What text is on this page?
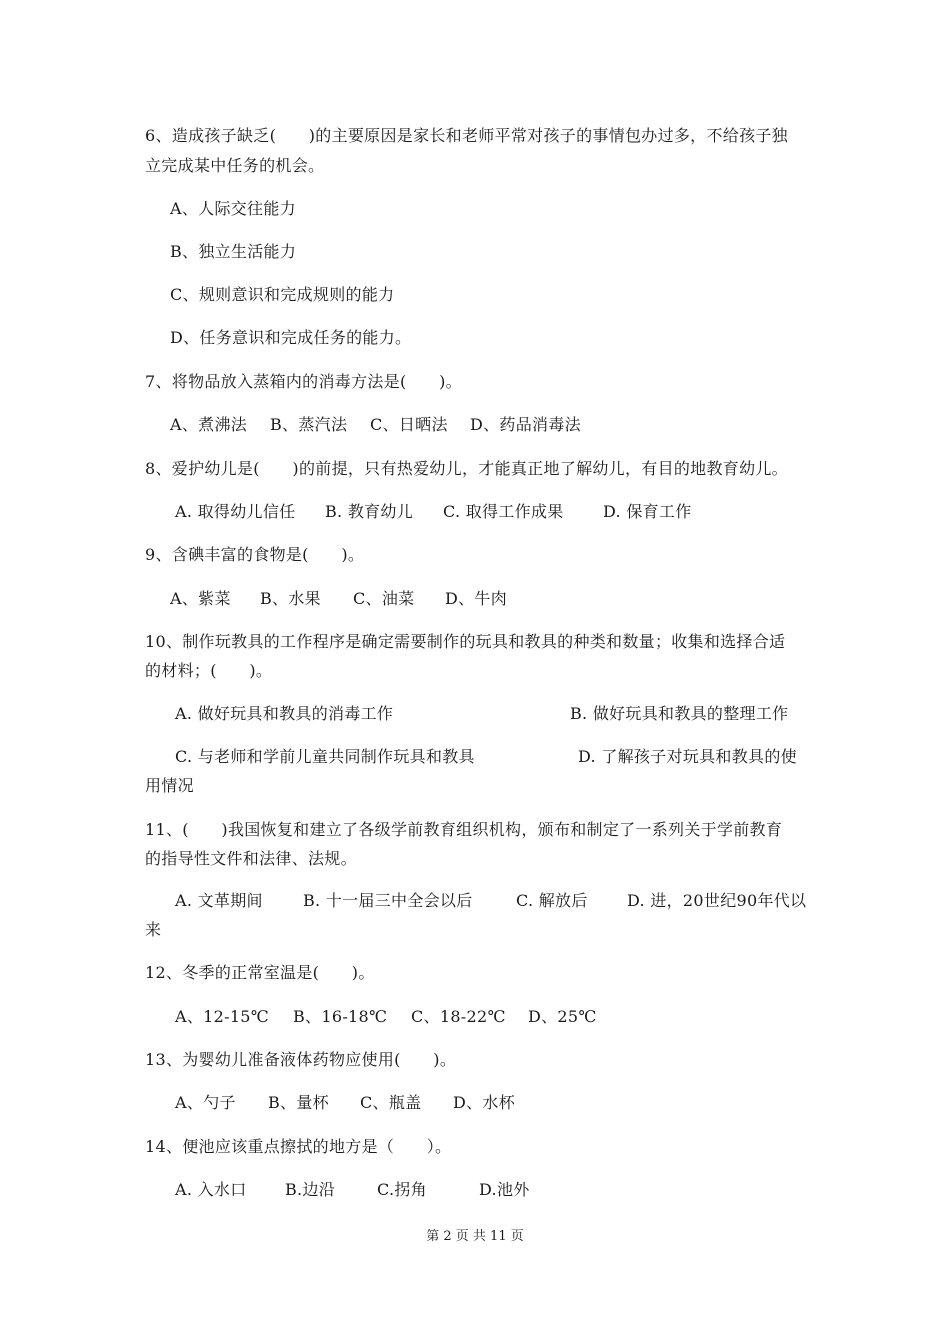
6、造成孩子缺乏(　　)的主要原因是家长和老师平常对孩子的事情包办过多，不给孩子独
立完成某中任务的机会。
A、人际交往能力
B、独立生活能力
C、规则意识和完成规则的能力
D、任务意识和完成任务的能力。
7、将物品放入蒸箱内的消毒方法是(　　)。
A、煮沸法 B、蒸汽法 C、日晒法 D、药品消毒法
8、爱护幼儿是(　　)的前提，只有热爱幼儿，才能真正地了解幼儿，有目的地教育幼儿。
A. 取得幼儿信任 B. 教育幼儿 C. 取得工作成果 D. 保育工作
9、含碘丰富的食物是(　　)。
A、紫菜 B、水果 C、油菜 D、牛肉
10、制作玩教具的工作程序是确定需要制作的玩具和教具的种类和数量；收集和选择合适
的材料；(　　)。
A. 做好玩具和教具的消毒工作	B. 做好玩具和教具的整理工作
C. 与老师和学前儿童共同制作玩具和教具	D. 了解孩子对玩具和教具的使
用情况
11、(　　)我国恢复和建立了各级学前教育组织机构，颁布和制定了一系列关于学前教育
的指导性文件和法律、法规。
A. 文革期间	B. 十一届三中全会以后	C. 解放后 D. 进，20世纪90年代以
来
12、冬季的正常室温是(　　)。
A、12-15℃ B、16-18℃ C、18-22℃ D、25℃
13、为婴幼儿准备液体药物应使用(　　)。
A、勺子 B、量杯 C、瓶盖 D、水杯
14、便池应该重点擦拭的地方是（　　）。
A. 入水口 B.边沿	C.拐角	D.池外
第 2 页 共 11 页
